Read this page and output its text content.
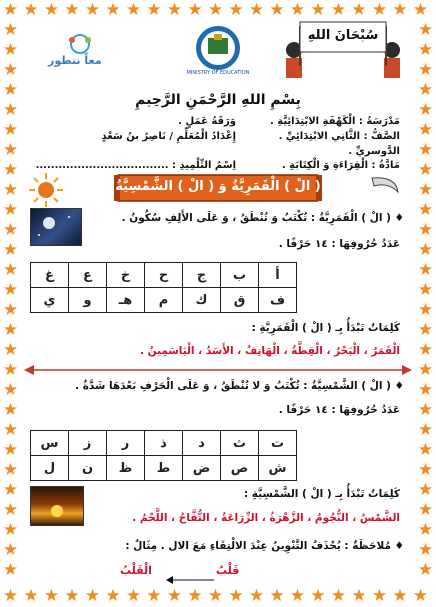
★
★
★
★
★
★
★
★
★
★
★
★
★
★
★
★
★
★
★
★
★
★
★
★
★
★
★
★
★
★
★
★
★
★
★
★
★
★
★
★
★
★
★	★
★	★
★	★
★	★
★	★
★	★
★	★
★	★
★	★
★	★
★	★
★	★
★	★
★	★
★	★
★	★
★	★
★	★
★	★
★	★
★	★
★	★
★	★
★	★
★	★
★	★
★	★
★	★
معاً نتطور
MINISTRY OF EDUCATION
سُبْحَانَ اللهِ
بِسْمِ اللهِ الرَّحْمَنِ الرَّحِيمِ
مَدْرَسَةُ : الْكَهْفَةِ الابْتِدَائِيَّةِ .
وَرَقَةُ عَمَلٍ .
الصَّفُّ : الثَّانِي الابْتِدَائِيِّ .
إِعْدَادُ الْمُعَلِّمِ / نَاصِرُ بنُ سَعْدٍ
الدَّوسريِّ .
مَادَّةُ : الْقِرَاءَةِ وَ الْكِتَابَةِ .
اِسْمُ التِّلْمِيذِ : ...................................
( الْ ) الْقَمَرِيَّةُ وَ ( الْ ) الشَّمْسِيَّةُ
♦ ( الْ ) الْقَمَرِيَّةُ : تُكْتَبُ وَ تُنْطَقُ ، وَ عَلَى الأَلِفِ سُكُونٌ .
عَدَدُ حُرُوفِهَا : ١٤ حَرْفًا .
أ	ب	ج	ح	خ	ع	غ
ف	ق	ك	م	هـ	و	ي
كَلِمَاتٌ تَبْدَأُ بِـ ( الْ ) الْقَمَرِيَّةِ :
الْقَمَرُ ، الْبَحْرُ ، الْقِطَّةُ ، الْهَاتِفُ ، الأَسَدُ ، الْيَاسَمِينُ .
♦ ( الْ ) الشَّمْسِيَّةُ : تُكْتَبُ وَ لا تُنْطَقُ ، وَ عَلَى الْحَرْفِ بَعْدَهَا شَدَّةٌ .
عَدَدُ حُرُوفِهَا : ١٤ حَرْفًا .
ت	ث	د	ذ	ر	ز	س
ش	ص	ض	ط	ظ	ن	ل
كَلِمَاتٌ تَبْدَأُ بِـ ( الْ ) الشَّمْسِيَّةِ :
الشَّمْسُ ، النُّجُومُ ، الزَّهْرَةُ ، الزِّرَاعَةُ ، التُّفَّاحُ ، اللَّحْمُ .
♦ مُلاحَظَةٌ : يُحْذَفُ التَّنْوِينُ عِنْدَ الالْتِقَاءِ مَعَ الال . مِثَالٌ :
قَلْبٌ
الْقَلْبُ
